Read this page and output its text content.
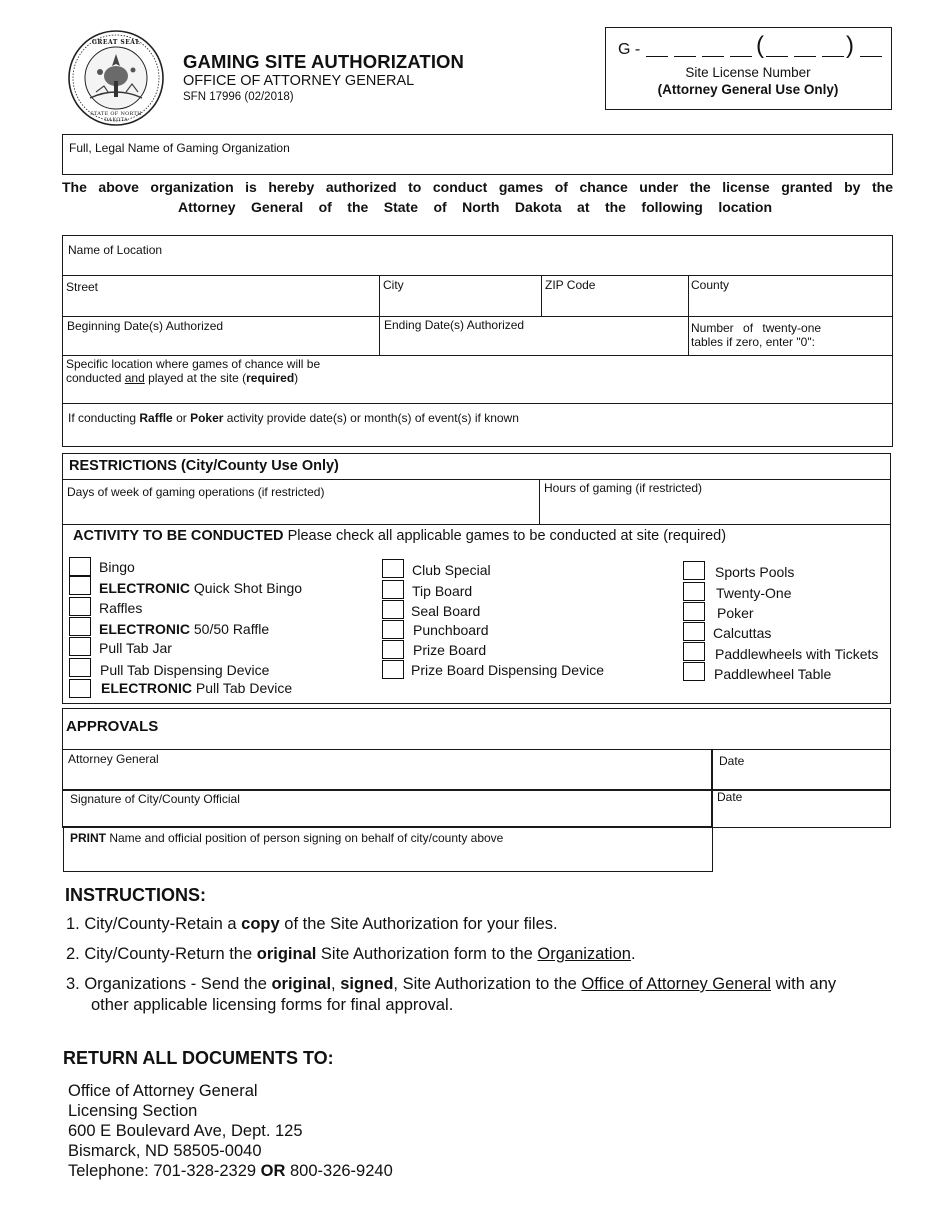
GREAT SEAL
STATE OF NORTH DAKOTA
GAMING SITE AUTHORIZATION
OFFICE OF ATTORNEY GENERAL
SFN 17996 (02/2018)
G -	(	)
Site License Number
(Attorney General Use Only)
Full, Legal Name of Gaming Organization
The above organization is hereby authorized to conduct games of chance under the license granted by the
Attorney General of the State of North Dakota at the following location
Name of Location
Street	City	ZIP Code	County
Beginning Date(s) Authorized	Ending Date(s) Authorized	Number of twenty-one
tables if zero, enter "0":
Specific location where games of chance will be
conducted and played at the site (required)
If conducting Raffle or Poker activity provide date(s) or month(s) of event(s) if known
RESTRICTIONS (City/County Use Only)
Days of week of gaming operations (if restricted)	Hours of gaming (if restricted)
ACTIVITY TO BE CONDUCTED Please check all applicable games to be conducted at site (required)
Bingo
ELECTRONIC Quick Shot Bingo
Raffles
ELECTRONIC 50/50 Raffle
Pull Tab Jar
Pull Tab Dispensing Device
ELECTRONIC Pull Tab Device
Club Special
Tip Board
Seal Board
Punchboard
Prize Board
Prize Board Dispensing Device
Sports Pools
Twenty-One
Poker
Calcuttas
Paddlewheels with Tickets
Paddlewheel Table
APPROVALS
Attorney General	Date
Signature of City/County Official	Date
PRINT Name and official position of person signing on behalf of city/county above
INSTRUCTIONS:
1. City/County-Retain a copy of the Site Authorization for your files.
2. City/County-Return the original Site Authorization form to the Organization.
3. Organizations - Send the original, signed, Site Authorization to the Office of Attorney General with any
other applicable licensing forms for final approval.
RETURN ALL DOCUMENTS TO:
Office of Attorney General
Licensing Section
600 E Boulevard Ave, Dept. 125
Bismarck, ND 58505-0040
Telephone: 701-328-2329 OR 800-326-9240
